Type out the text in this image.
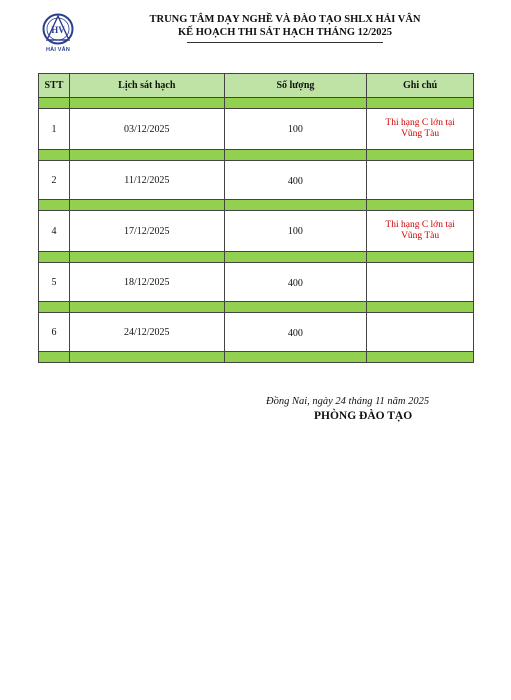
HV
HẢI VÂN
TRUNG TÂM DẠY NGHỀ VÀ ĐÀO TẠO SHLX HẢI VÂN
KẾ HOẠCH THI SÁT HẠCH THÁNG 12/2025
STT	Lịch sát hạch	Số lượng	Ghi chú

1	03/12/2025	100	Thi hạng C lớn tại
Vũng Tàu

2	11/12/2025	400	

4	17/12/2025	100	Thi hạng C lớn tại
Vũng Tàu

5	18/12/2025	400	

6	24/12/2025	400	

Đồng Nai, ngày 24 tháng 11 năm 2025
PHÒNG ĐÀO TẠO
